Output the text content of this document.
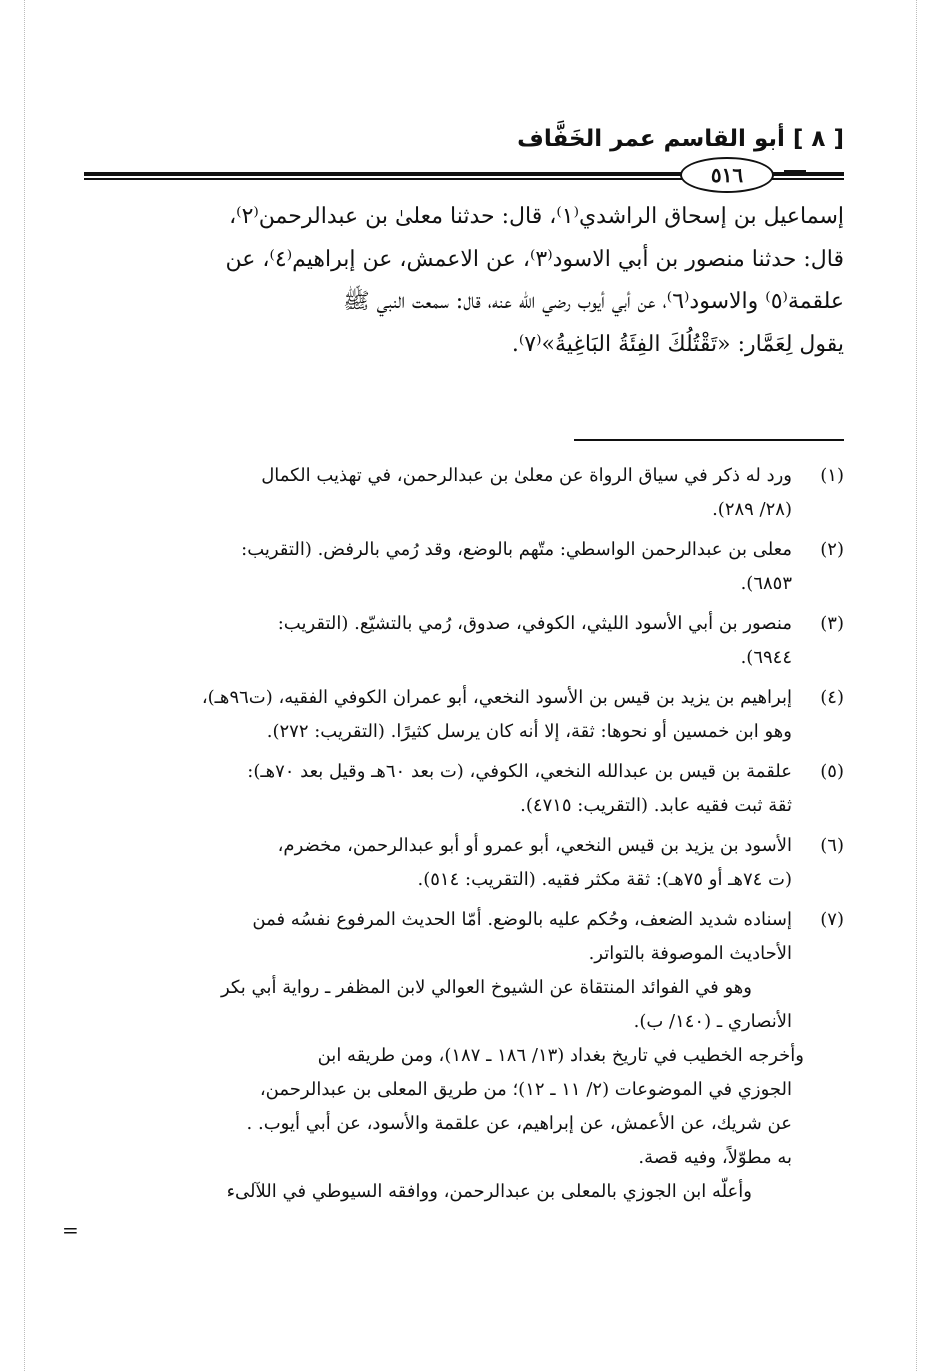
[ ٨ ] أبو القاسم عمر الخَفَّاف
٥١٦
إسماعيل بن إسحاق الراشدي⁽١⁾، قال: حدثنا معلىٰ بن عبدالرحمن⁽٢⁾،
قال: حدثنا منصور بن أبي الاسود⁽٣⁾، عن الاعمش، عن إبراهيم⁽٤⁾، عن
علقمة⁽٥⁾ والاسود⁽٦⁾، عن أبي أيوب رضي الله عنه، قال: سمعت النبي ﷺ
يقول لِعَمَّار: «تَقْتُلُكَ الفِئَةُ البَاغِيةُ»⁽٧⁾.
(١)
ورد له ذكر في سياق الرواة عن معلىٰ بن عبدالرحمن، في تهذيب الكمال
(٢٨/ ٢٨٩).
(٢)
معلى بن عبدالرحمن الواسطي: متّهم بالوضع، وقد رُمي بالرفض. (التقريب:
٦٨٥٣).
(٣)
منصور بن أبي الأسود الليثي، الكوفي، صدوق، رُمي بالتشيّع. (التقريب:
٦٩٤٤).
(٤)
إبراهيم بن يزيد بن قيس بن الأسود النخعي، أبو عمران الكوفي الفقيه، (ت٩٦هـ)،
وهو ابن خمسين أو نحوها: ثقة، إلا أنه كان يرسل كثيرًا. (التقريب: ٢٧٢).
(٥)
علقمة بن قيس بن عبدالله النخعي، الكوفي، (ت بعد ٦٠هـ وقيل بعد ٧٠هـ):
ثقة ثبت فقيه عابد. (التقريب: ٤٧١٥).
(٦)
الأسود بن يزيد بن قيس النخعي، أبو عمرو أو أبو عبدالرحمن، مخضرم،
(ت ٧٤هـ أو ٧٥هـ): ثقة مكثر فقيه. (التقريب: ٥١٤).
(٧)
إسناده شديد الضعف، وحُكم عليه بالوضع. أمّا الحديث المرفوع نفسُه فمن
الأحاديث الموصوفة بالتواتر.
وهو في الفوائد المنتقاة عن الشيوخ العوالي لابن المظفر ـ رواية أبي بكر
الأنصاري ـ (١٤٠/ ب).
وأخرجه الخطيب في تاريخ بغداد (١٣/ ١٨٦ ـ ١٨٧)، ومن طريقه ابن
الجوزي في الموضوعات (٢/ ١١ ـ ١٢)؛ من طريق المعلى بن عبدالرحمن،
عن شريك، عن الأعمش، عن إبراهيم، عن علقمة والأسود، عن أبي أيوب. .
به مطوّلاً، وفيه قصة.
وأعلّه ابن الجوزي بالمعلى بن عبدالرحمن، ووافقه السيوطي في اللآلىء
=
